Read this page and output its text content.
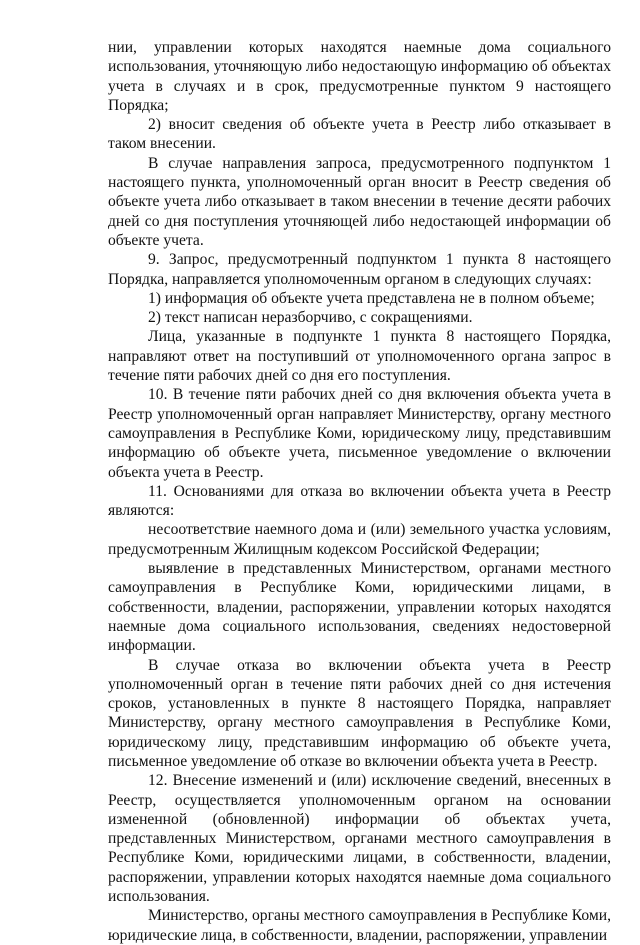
нии, управлении которых находятся наемные дома социального использования, уточняющую либо недостающую информацию об объектах учета в случаях и в срок, предусмотренные пунктом 9 настоящего Порядка;

2) вносит сведения об объекте учета в Реестр либо отказывает в таком внесении.

В случае направления запроса, предусмотренного подпунктом 1 настоящего пункта, уполномоченный орган вносит в Реестр сведения об объекте учета либо отказывает в таком внесении в течение десяти рабочих дней со дня поступления уточняющей либо недостающей информации об объекте учета.

9. Запрос, предусмотренный подпунктом 1 пункта 8 настоящего Порядка, направляется уполномоченным органом в следующих случаях:

1) информация об объекте учета представлена не в полном объеме;

2) текст написан неразборчиво, с сокращениями.

Лица, указанные в подпункте 1 пункта 8 настоящего Порядка, направляют ответ на поступивший от уполномоченного органа запрос в течение пяти рабочих дней со дня его поступления.

10. В течение пяти рабочих дней со дня включения объекта учета в Реестр уполномоченный орган направляет Министерству, органу местного самоуправления в Республике Коми, юридическому лицу, представившим информацию об объекте учета, письменное уведомление о включении объекта учета в Реестр.

11. Основаниями для отказа во включении объекта учета в Реестр являются:

несоответствие наемного дома и (или) земельного участка условиям, предусмотренным Жилищным кодексом Российской Федерации;

выявление в представленных Министерством, органами местного самоуправления в Республике Коми, юридическими лицами, в собственности, владении, распоряжении, управлении которых находятся наемные дома социального использования, сведениях недостоверной информации.

В случае отказа во включении объекта учета в Реестр уполномоченный орган в течение пяти рабочих дней со дня истечения сроков, установленных в пункте 8 настоящего Порядка, направляет Министерству, органу местного самоуправления в Республике Коми, юридическому лицу, представившим информацию об объекте учета, письменное уведомление об отказе во включении объекта учета в Реестр.

12. Внесение изменений и (или) исключение сведений, внесенных в Реестр, осуществляется уполномоченным органом на основании измененной (обновленной) информации об объектах учета, представленных Министерством, органами местного самоуправления в Республике Коми, юридическими лицами, в собственности, владении, распоряжении, управлении которых находятся наемные дома социального использования.

Министерство, органы местного самоуправления в Республике Коми, юридические лица, в собственности, владении, распоряжении, управлении
